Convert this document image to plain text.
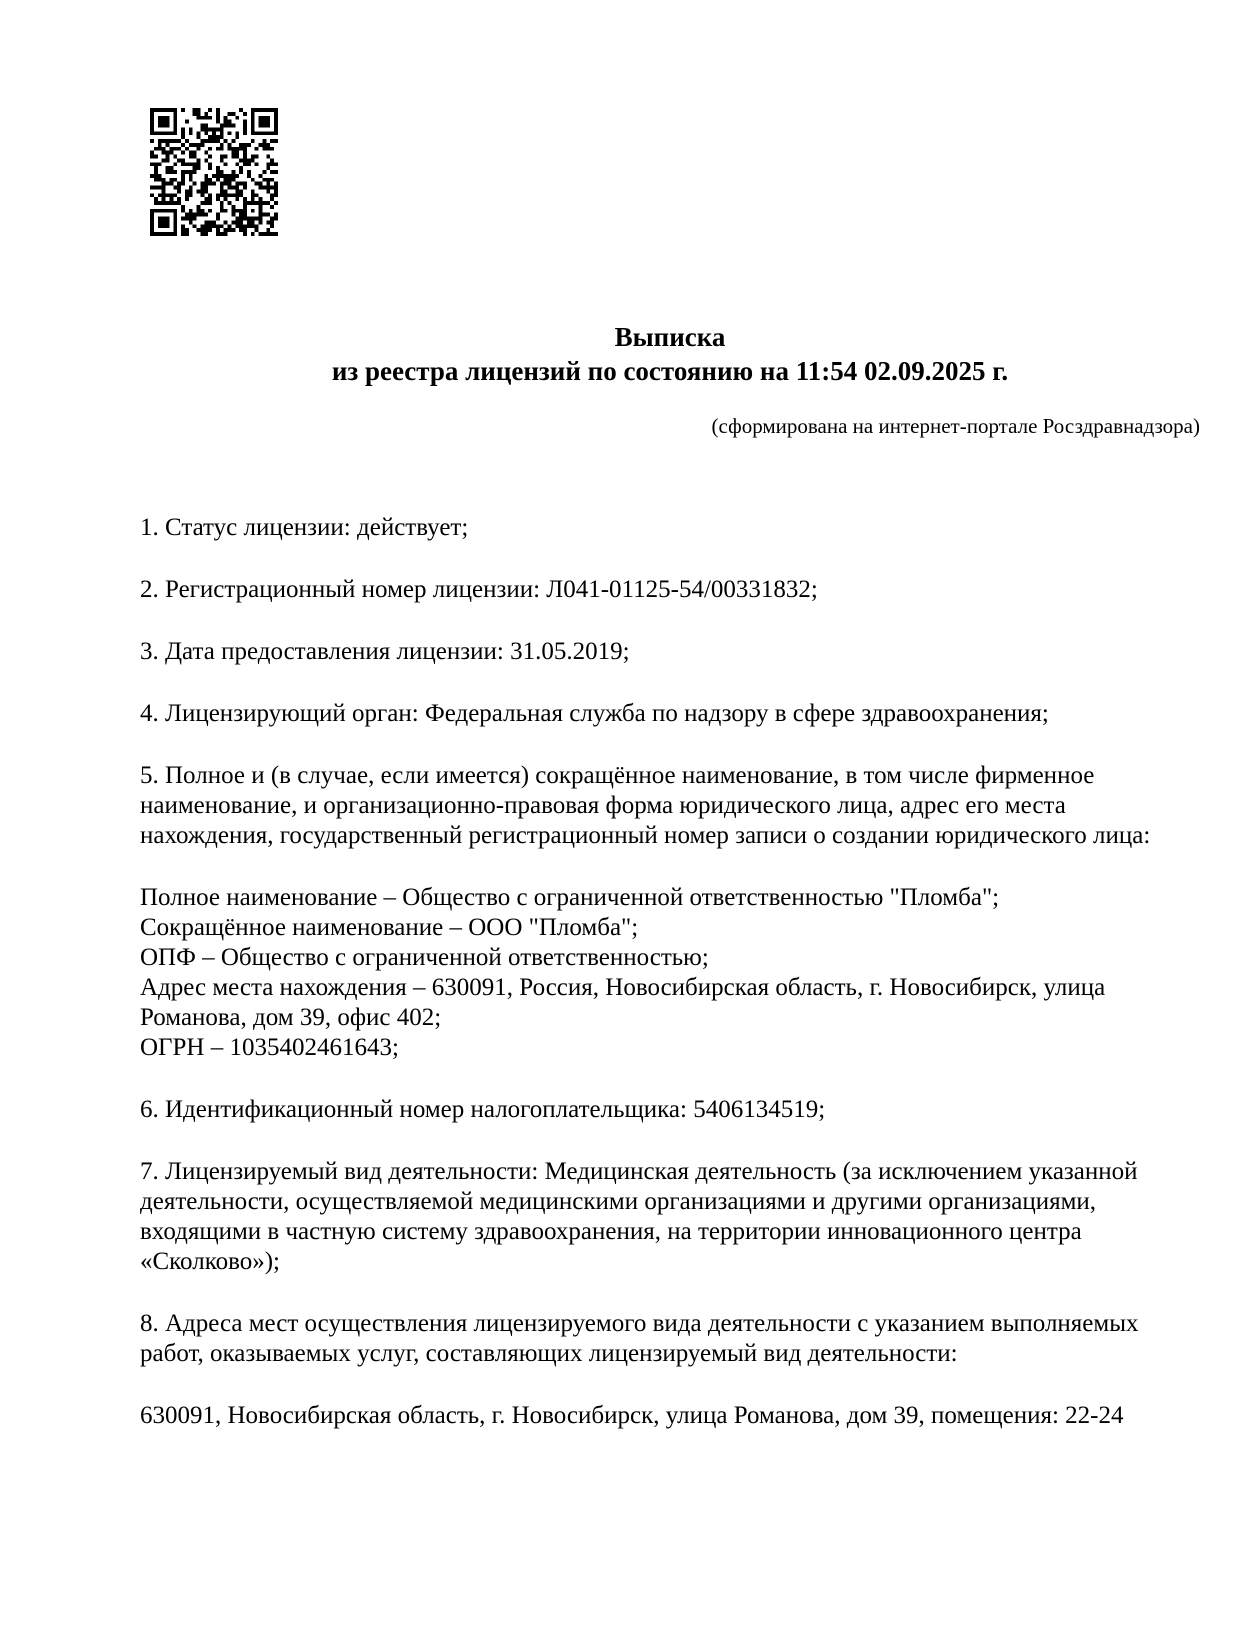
Выписка
из реестра лицензий по состоянию на 11:54 02.09.2025 г.
(сформирована на интернет-портале Росздравнадзора)
1. Статус лицензии: действует;
2. Регистрационный номер лицензии: Л041-01125-54/00331832;
3. Дата предоставления лицензии: 31.05.2019;
4. Лицензирующий орган: Федеральная служба по надзору в сфере здравоохранения;
5. Полное и (в случае, если имеется) сокращённое наименование, в том числе фирменное наименование, и организационно-правовая форма юридического лица, адрес его места нахождения, государственный регистрационный номер записи о создании юридического лица:
Полное наименование – Общество с ограниченной ответственностью "Пломба";
Сокращённое наименование – ООО "Пломба";
ОПФ – Общество с ограниченной ответственностью;
Адрес места нахождения – 630091, Россия, Новосибирская область, г. Новосибирск, улица Романова, дом 39, офис 402;
ОГРН – 1035402461643;
6. Идентификационный номер налогоплательщика: 5406134519;
7. Лицензируемый вид деятельности: Медицинская деятельность (за исключением указанной деятельности, осуществляемой медицинскими организациями и другими организациями, входящими в частную систему здравоохранения, на территории инновационного центра «Сколково»);
8. Адреса мест осуществления лицензируемого вида деятельности с указанием выполняемых работ, оказываемых услуг, составляющих лицензируемый вид деятельности:
630091, Новосибирская область, г. Новосибирск, улица Романова, дом 39, помещения: 22-24
